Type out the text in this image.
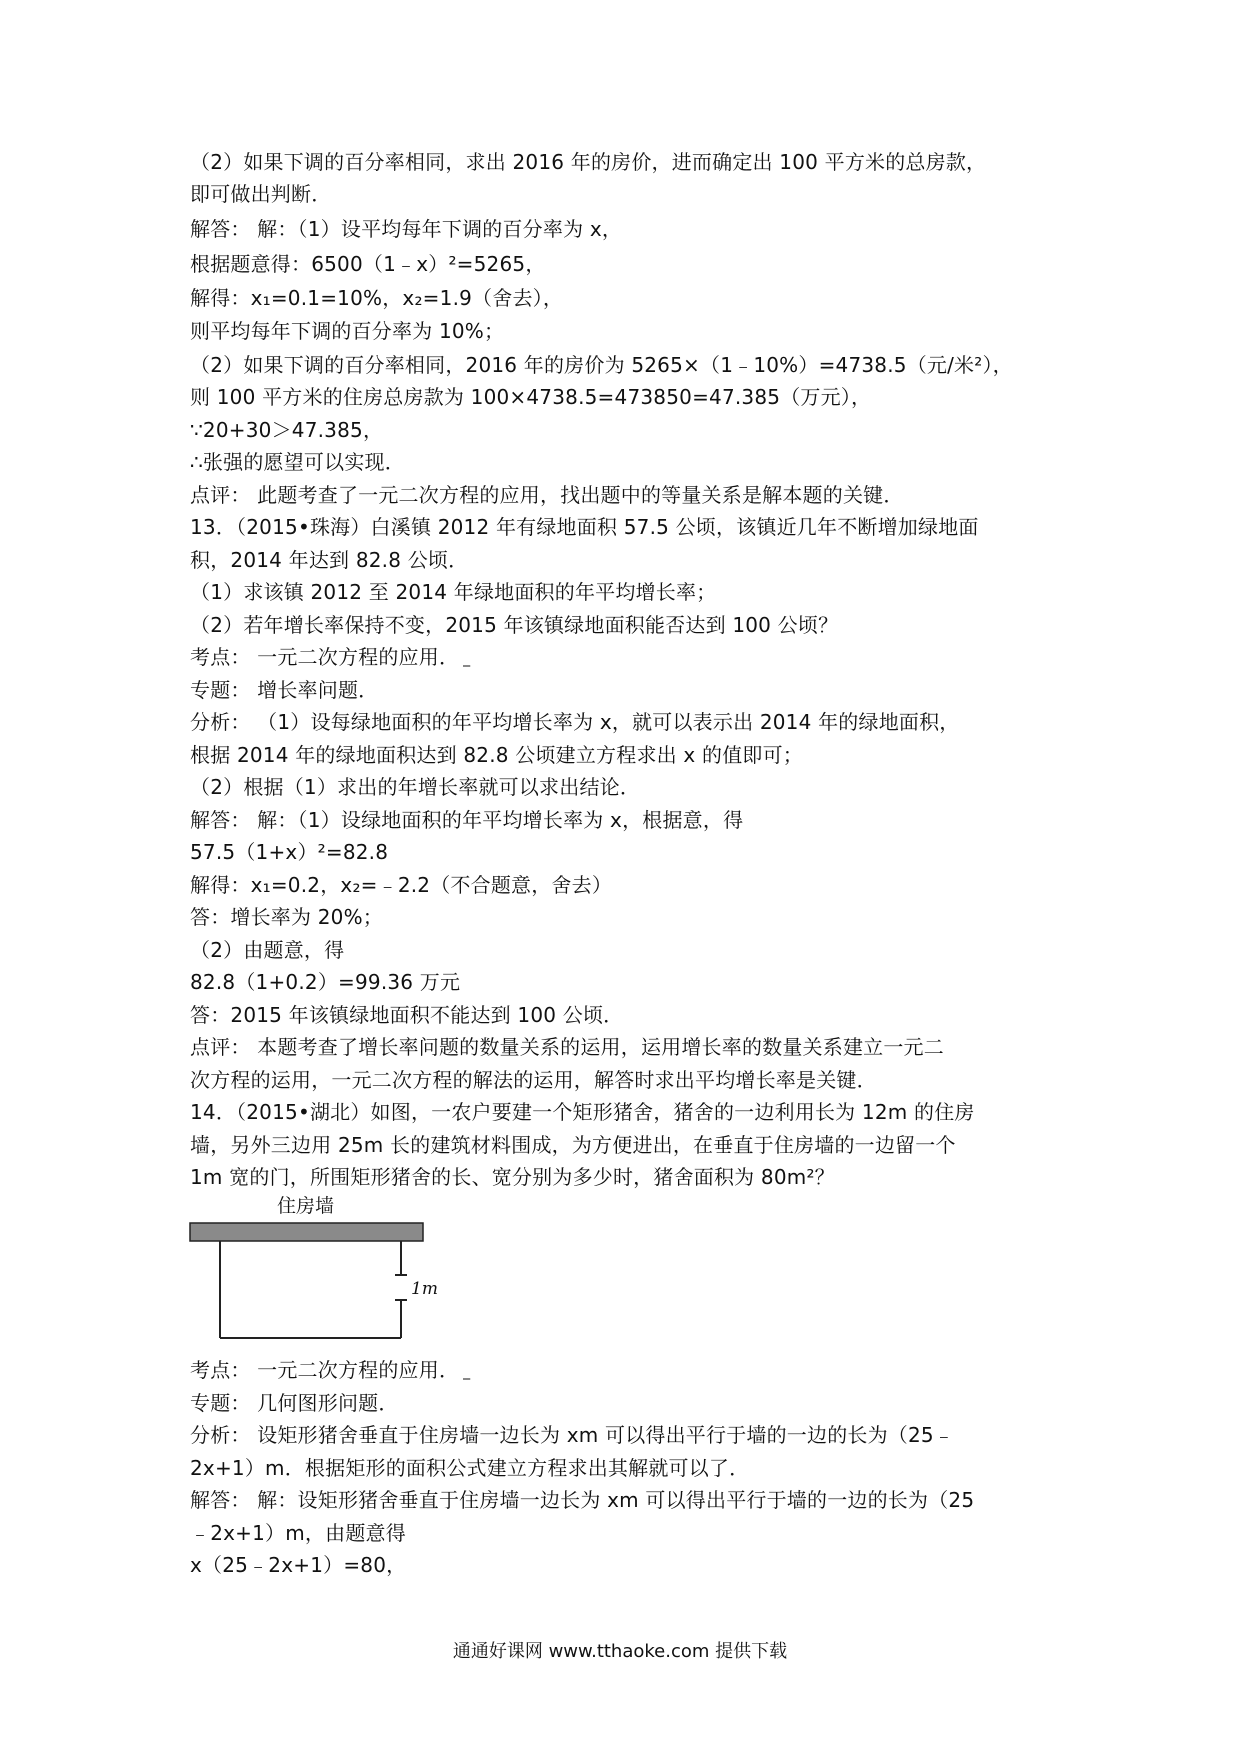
（2）如果下调的百分率相同，求出 2016 年的房价，进而确定出 100 平方米的总房款，
即可做出判断．
解答： 解：（1）设平均每年下调的百分率为 x，
根据题意得：6500（1﹣x）²=5265，
解得：x₁=0.1=10%，x₂=1.9（舍去），
则平均每年下调的百分率为 10%；
（2）如果下调的百分率相同，2016 年的房价为 5265×（1﹣10%）=4738.5（元/米²），
则 100 平方米的住房总房款为 100×4738.5=473850=47.385（万元），
∵20+30＞47.385，
∴张强的愿望可以实现．
点评： 此题考查了一元二次方程的应用，找出题中的等量关系是解本题的关键．
13．（2015•珠海）白溪镇 2012 年有绿地面积 57.5 公顷，该镇近几年不断增加绿地面
积，2014 年达到 82.8 公顷．
（1）求该镇 2012 至 2014 年绿地面积的年平均增长率；
（2）若年增长率保持不变，2015 年该镇绿地面积能否达到 100 公顷？
考点： 一元二次方程的应用． _
专题： 增长率问题．
分析： （1）设每绿地面积的年平均增长率为 x，就可以表示出 2014 年的绿地面积，
根据 2014 年的绿地面积达到 82.8 公顷建立方程求出 x 的值即可；
（2）根据（1）求出的年增长率就可以求出结论．
解答： 解：（1）设绿地面积的年平均增长率为 x，根据意，得
57.5（1+x）²=82.8
解得：x₁=0.2，x₂=﹣2.2（不合题意，舍去）
答：增长率为 20%；
（2）由题意，得
82.8（1+0.2）=99.36 万元
答：2015 年该镇绿地面积不能达到 100 公顷．
点评： 本题考查了增长率问题的数量关系的运用，运用增长率的数量关系建立一元二
次方程的运用，一元二次方程的解法的运用，解答时求出平均增长率是关键．
14．（2015•湖北）如图，一农户要建一个矩形猪舍，猪舍的一边利用长为 12m 的住房
墙，另外三边用 25m 长的建筑材料围成，为方便进出，在垂直于住房墙的一边留一个
1m 宽的门，所围矩形猪舍的长、宽分别为多少时，猪舍面积为 80m²？
住房墙
1m
考点： 一元二次方程的应用． _
专题： 几何图形问题．
分析： 设矩形猪舍垂直于住房墙一边长为 xm 可以得出平行于墙的一边的长为（25﹣
2x+1）m．根据矩形的面积公式建立方程求出其解就可以了．
解答： 解：设矩形猪舍垂直于住房墙一边长为 xm 可以得出平行于墙的一边的长为（25
﹣2x+1）m，由题意得
x（25﹣2x+1）=80，
通通好课网 www.tthaoke.com 提供下载
